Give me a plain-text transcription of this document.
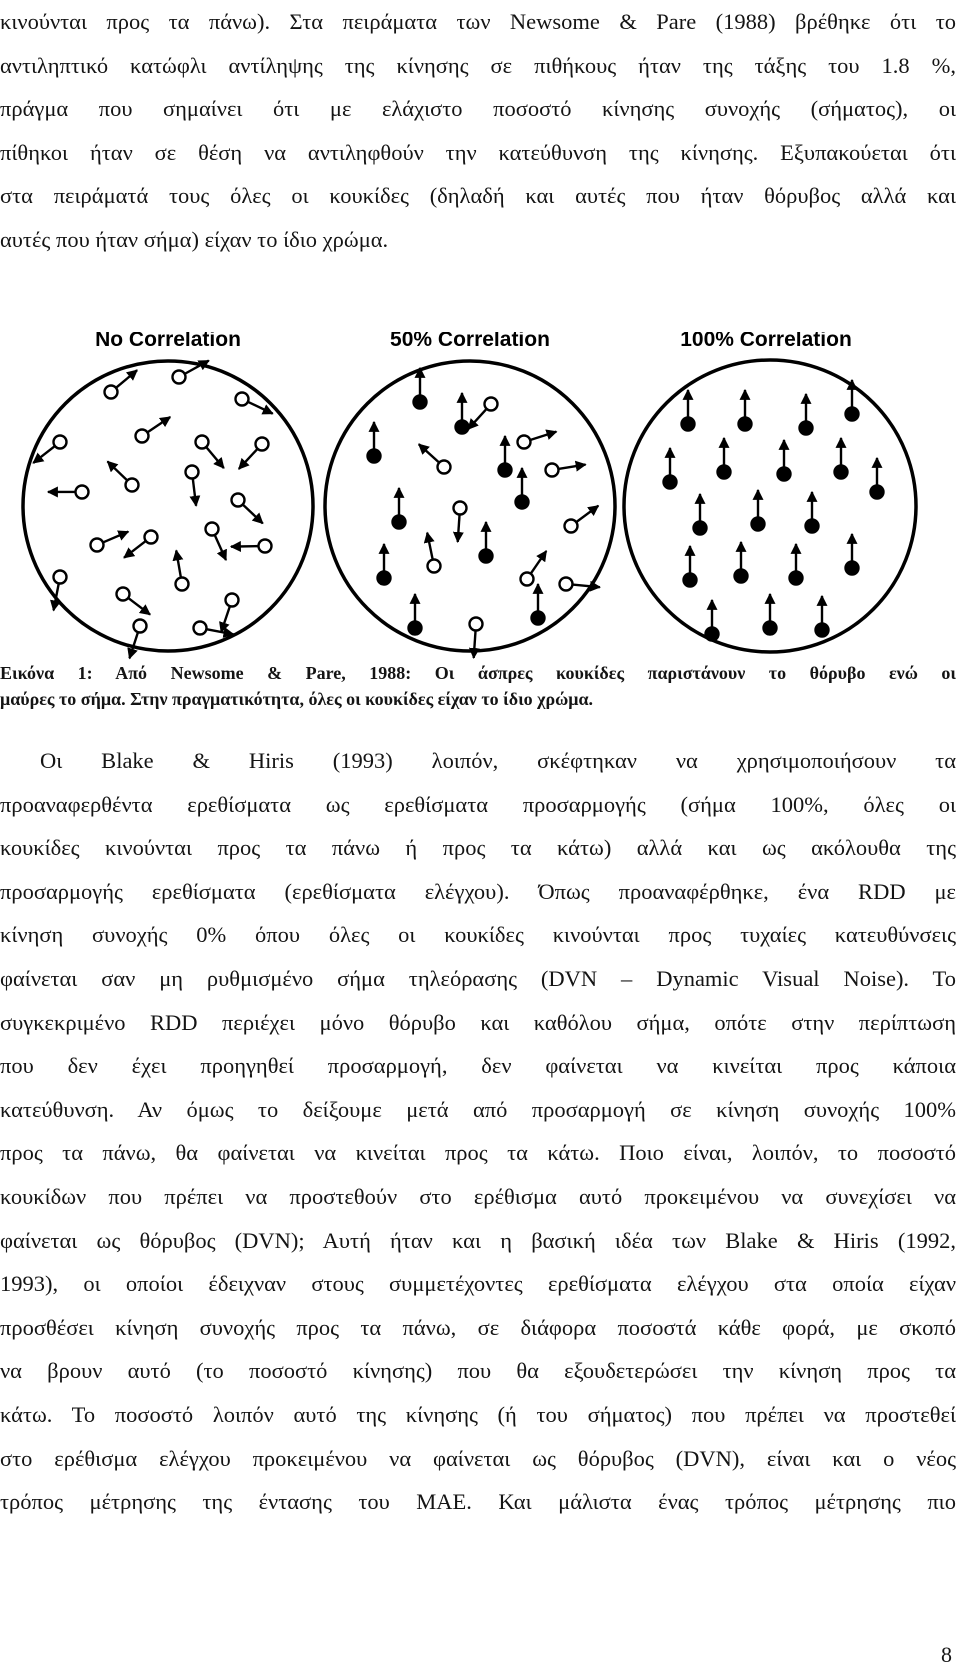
κινούνται προς τα πάνω). Στα πειράματα των Newsome & Pare (1988) βρέθηκε ότι το
αντιληπτικό κατώφλι αντίληψης της κίνησης σε πιθήκους ήταν της τάξης του 1.8 %,
πράγμα που σημαίνει ότι με ελάχιστο ποσοστό κίνησης συνοχής (σήματος), οι
πίθηκοι ήταν σε θέση να αντιληφθούν την κατεύθυνση της κίνησης. Εξυπακούεται ότι
στα πειράματά τους όλες οι κουκίδες (δηλαδή και αυτές που ήταν θόρυβος αλλά και
αυτές που ήταν σήμα) είχαν το ίδιο χρώμα.
No Correlation	50% Correlation	100% Correlation
Εικόνα 1: Από Newsome & Pare, 1988: Οι άσπρες κουκίδες παριστάνουν το θόρυβο ενώ οι
μαύρες το σήμα. Στην πραγματικότητα, όλες οι κουκίδες είχαν το ίδιο χρώμα.
Οι Blake & Hiris (1993) λοιπόν, σκέφτηκαν να χρησιμοποιήσουν τα
προαναφερθέντα ερεθίσματα ως ερεθίσματα προσαρμογής (σήμα 100%, όλες οι
κουκίδες κινούνται προς τα πάνω ή προς τα κάτω) αλλά και ως ακόλουθα της
προσαρμογής ερεθίσματα (ερεθίσματα ελέγχου). Όπως προαναφέρθηκε, ένα RDD με
κίνηση συνοχής 0% όπου όλες οι κουκίδες κινούνται προς τυχαίες κατευθύνσεις
φαίνεται σαν μη ρυθμισμένο σήμα τηλεόρασης (DVN – Dynamic Visual Noise). Το
συγκεκριμένο RDD περιέχει μόνο θόρυβο και καθόλου σήμα, οπότε στην περίπτωση
που δεν έχει προηγηθεί προσαρμογή, δεν φαίνεται να κινείται προς κάποια
κατεύθυνση. Αν όμως το δείξουμε μετά από προσαρμογή σε κίνηση συνοχής 100%
προς τα πάνω, θα φαίνεται να κινείται προς τα κάτω. Ποιο είναι, λοιπόν, το ποσοστό
κουκίδων που πρέπει να προστεθούν στο ερέθισμα αυτό προκειμένου να συνεχίσει να
φαίνεται ως θόρυβος (DVN); Αυτή ήταν και η βασική ιδέα των Blake & Hiris (1992,
1993), οι οποίοι έδειχναν στους συμμετέχοντες ερεθίσματα ελέγχου στα οποία είχαν
προσθέσει κίνηση συνοχής προς τα πάνω, σε διάφορα ποσοστά κάθε φορά, με σκοπό
να βρουν αυτό (το ποσοστό κίνησης) που θα εξουδετερώσει την κίνηση προς τα
κάτω. Το ποσοστό λοιπόν αυτό της κίνησης (ή του σήματος) που πρέπει να προστεθεί
στο ερέθισμα ελέγχου προκειμένου να φαίνεται ως θόρυβος (DVN), είναι και ο νέος
τρόπος μέτρησης της έντασης του MAE. Και μάλιστα ένας τρόπος μέτρησης πιο
8
